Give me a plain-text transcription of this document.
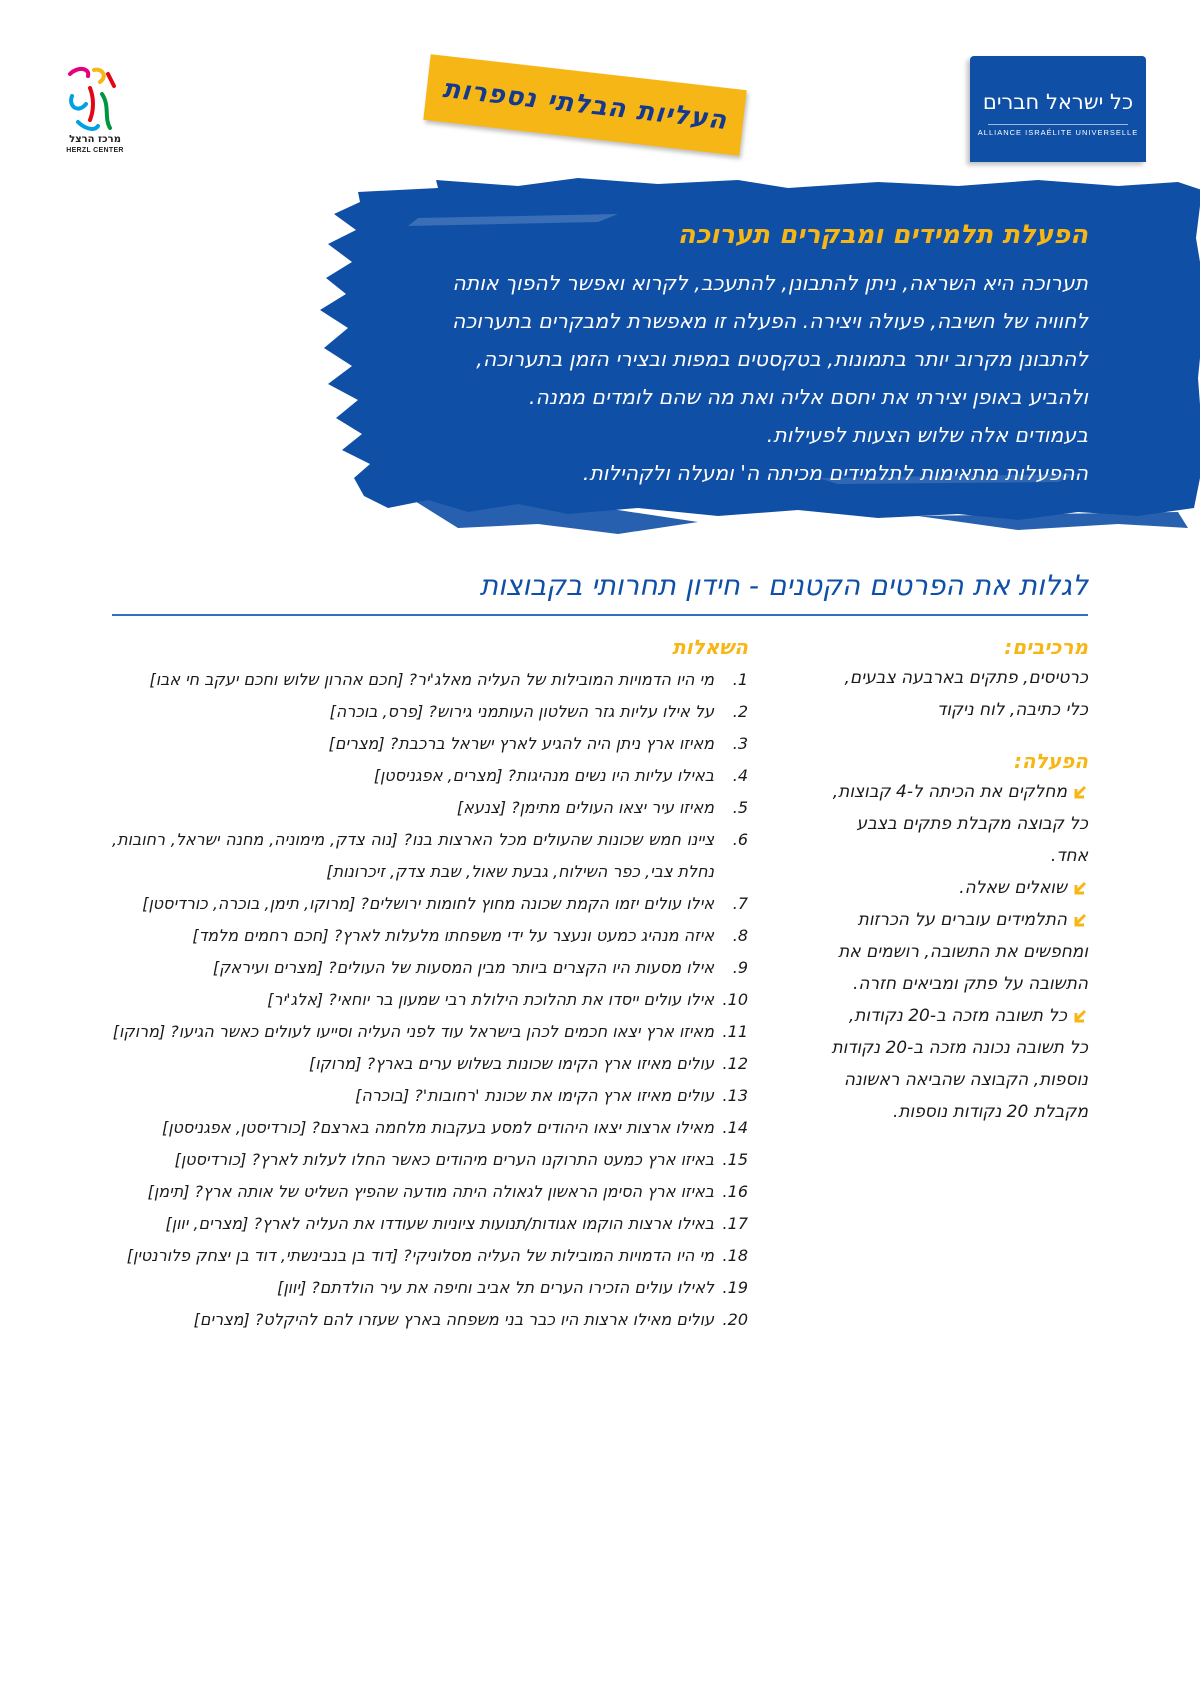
מרכז הרצל
HERZL CENTER
העליות הבלתי נספרות	כל ישראל חברים
ALLIANCE ISRAÉLITE UNIVERSELLE
הפעלת תלמידים ומבקרים תערוכה

תערוכה היא השראה, ניתן להתבונן, להתעכב, לקרוא ואפשר להפוך אותה

לחוויה של חשיבה, פעולה ויצירה. הפעלה זו מאפשרת למבקרים בתערוכה

להתבונן מקרוב יותר בתמונות, בטקסטים במפות ובצירי הזמן בתערוכה,

ולהביע באופן יצירתי את יחסם אליה ואת מה שהם לומדים ממנה.

בעמודים אלה שלוש הצעות לפעילות.

ההפעלות מתאימות לתלמידים מכיתה ה' ומעלה ולקהילות.

לגלות את הפרטים הקטנים - חידון תחרותי בקבוצות
מרכיבים:

כרטיסים, פתקים בארבעה צבעים, כלי כתיבה, לוח ניקוד

הפעלה:
מחלקים את הכיתה ל-4 קבוצות, כל קבוצה מקבלת פתקים בצבע אחד.
שואלים שאלה.
התלמידים עוברים על הכרזות ומחפשים את התשובה, רושמים את התשובה על פתק ומביאים חזרה.
כל תשובה מזכה ב-20 נקודות, כל תשובה נכונה מזכה ב-20 נקודות נוספות, הקבוצה שהביאה ראשונה מקבלת 20 נקודות נוספות.
השאלות
1.
מי היו הדמויות המובילות של העליה מאלג'יר? [חכם אהרון שלוש וחכם יעקב חי אבו]
2.
על אילו עליות גזר השלטון העותמני גירוש? [פרס, בוכרה]
3.
מאיזו ארץ ניתן היה להגיע לארץ ישראל ברכבת? [מצרים]
4.
באילו עליות היו נשים מנהיגות? [מצרים, אפגניסטן]
5.
מאיזו עיר יצאו העולים מתימן? [צנעא]
6.
ציינו חמש שכונות שהעולים מכל הארצות בנו? [נוה צדק, מימוניה, מחנה ישראל, רחובות, נחלת צבי, כפר השילוח, גבעת שאול, שבת צדק, זיכרונות]
7.
אילו עולים יזמו הקמת שכונה מחוץ לחומות ירושלים? [מרוקו, תימן, בוכרה, כורדיסטן]
8.
איזה מנהיג כמעט ונעצר על ידי משפחתו מלעלות לארץ? [חכם רחמים מלמד]
9.
אילו מסעות היו הקצרים ביותר מבין המסעות של העולים? [מצרים ועיראק]
10.
אילו עולים ייסדו את תהלוכת הילולת רבי שמעון בר יוחאי? [אלג'יר]
11.
מאיזו ארץ יצאו חכמים לכהן בישראל עוד לפני העליה וסייעו לעולים כאשר הגיעו? [מרוקו]
12.
עולים מאיזו ארץ הקימו שכונות בשלוש ערים בארץ? [מרוקו]
13.
עולים מאיזו ארץ הקימו את שכונת 'רחובות'? [בוכרה]
14.
מאילו ארצות יצאו היהודים למסע בעקבות מלחמה בארצם? [כורדיסטן, אפגניסטן]
15.
באיזו ארץ כמעט התרוקנו הערים מיהודים כאשר החלו לעלות לארץ? [כורדיסטן]
16.
באיזו ארץ הסימן הראשון לגאולה היתה מודעה שהפיץ השליט של אותה ארץ? [תימן]
17.
באילו ארצות הוקמו אגודות/תנועות ציוניות שעודדו את העליה לארץ? [מצרים, יוון]
18.
מי היו הדמויות המובילות של העליה מסלוניקי? [דוד בן בנבינשתי, דוד בן יצחק פלורנטין]
19.
לאילו עולים הזכירו הערים תל אביב וחיפה את עיר הולדתם? [יוון]
20.
עולים מאילו ארצות היו כבר בני משפחה בארץ שעזרו להם להיקלט? [מצרים]
